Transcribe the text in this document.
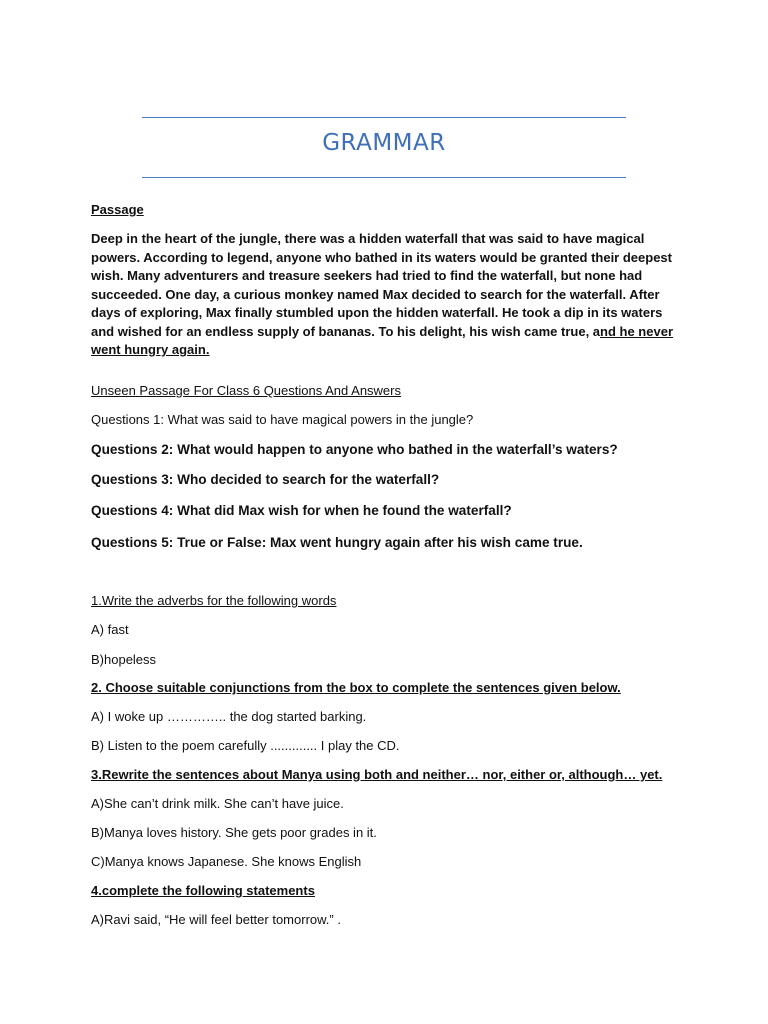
GRAMMAR
Passage
Deep in the heart of the jungle, there was a hidden waterfall that was said to have magical powers. According to legend, anyone who bathed in its waters would be granted their deepest wish. Many adventurers and treasure seekers had tried to find the waterfall, but none had succeeded. One day, a curious monkey named Max decided to search for the waterfall. After days of exploring, Max finally stumbled upon the hidden waterfall. He took a dip in its waters and wished for an endless supply of bananas. To his delight, his wish came true, and he never went hungry again.
Unseen Passage For Class 6 Questions And Answers
Questions 1: What was said to have magical powers in the jungle?
Questions 2: What would happen to anyone who bathed in the waterfall’s waters?
Questions 3: Who decided to search for the waterfall?
Questions 4: What did Max wish for when he found the waterfall?
Questions 5: True or False: Max went hungry again after his wish came true.
1.Write the adverbs for the following words
A) fast
B)hopeless
2. Choose suitable conjunctions from the box to complete the sentences given below.
A) I woke up ………….. the dog started barking.
B) Listen to the poem carefully ............. I play the CD.
3.Rewrite the sentences about Manya using both and neither… nor, either or, although… yet.
A)She can’t drink milk. She can’t have juice.
B)Manya loves history. She gets poor grades in it.
C)Manya knows Japanese. She knows English
4.complete the following statements
A)Ravi said, “He will feel better tomorrow.” .
